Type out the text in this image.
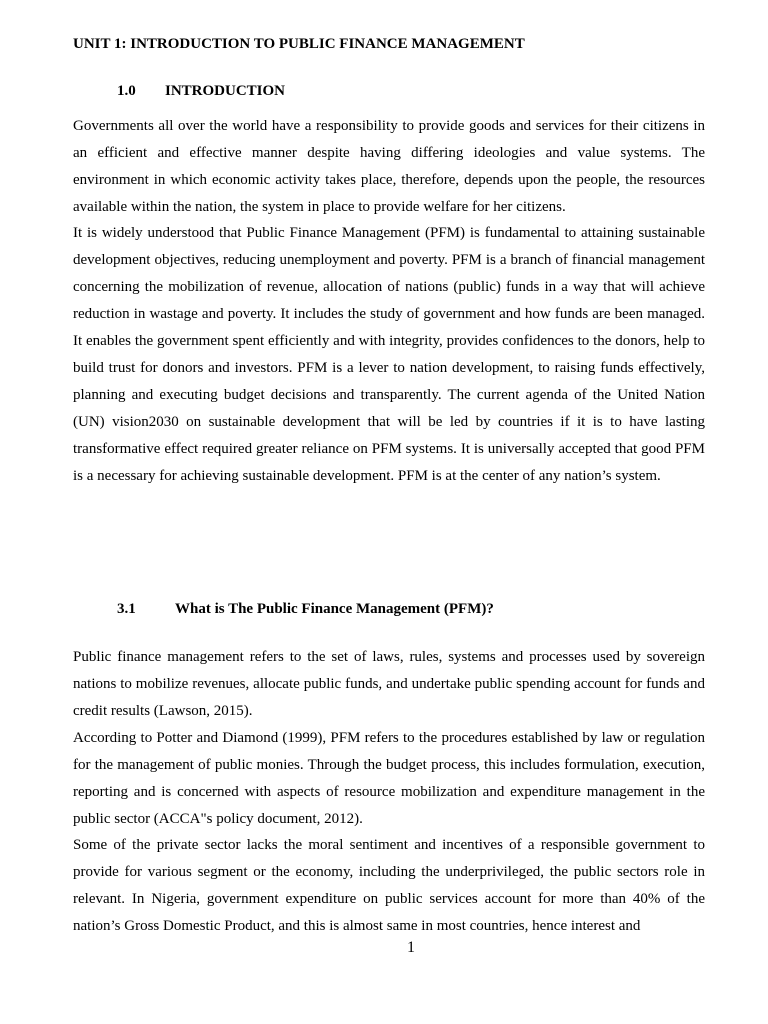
UNIT 1: INTRODUCTION TO PUBLIC FINANCE MANAGEMENT
1.0 INTRODUCTION

Governments all over the world have a responsibility to provide goods and services for their citizens in an efficient and effective manner despite having differing ideologies and value systems. The environment in which economic activity takes place, therefore, depends upon the people, the resources available within the nation, the system in place to provide welfare for her citizens.

It is widely understood that Public Finance Management (PFM) is fundamental to attaining sustainable development objectives, reducing unemployment and poverty. PFM is a branch of financial management concerning the mobilization of revenue, allocation of nations (public) funds in a way that will achieve reduction in wastage and poverty. It includes the study of government and how funds are been managed. It enables the government spent efficiently and with integrity, provides confidences to the donors, help to build trust for donors and investors. PFM is a lever to nation development, to raising funds effectively, planning and executing budget decisions and transparently. The current agenda of the United Nation (UN) vision2030 on sustainable development that will be led by countries if it is to have lasting transformative effect required greater reliance on PFM systems. It is universally accepted that good PFM is a necessary for achieving sustainable development. PFM is at the center of any nation’s system.

3.1	What is The Public Finance Management (PFM)?

Public finance management refers to the set of laws, rules, systems and processes used by sovereign nations to mobilize revenues, allocate public funds, and undertake public spending account for funds and credit results (Lawson, 2015).

According to Potter and Diamond (1999), PFM refers to the procedures established by law or regulation for the management of public monies. Through the budget process, this includes formulation, execution, reporting and is concerned with aspects of resource mobilization and expenditure management in the public sector (ACCA"s policy document, 2012).

Some of the private sector lacks the moral sentiment and incentives of a responsible government to provide for various segment or the economy, including the underprivileged, the public sectors role in relevant. In Nigeria, government expenditure on public services account for more than 40% of the nation’s Gross Domestic Product, and this is almost same in most countries, hence interest and

1
